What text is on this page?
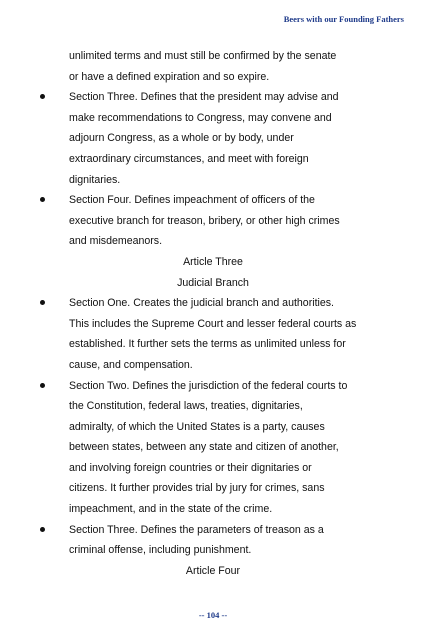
Beers with our Founding Fathers
unlimited terms and must still be confirmed by the senate
or have a defined expiration and so expire.
Section Three. Defines that the president may advise and
make recommendations to Congress, may convene and
adjourn Congress, as a whole or by body, under
extraordinary circumstances, and meet with foreign
dignitaries.
Section Four. Defines impeachment of officers of the
executive branch for treason, bribery, or other high crimes
and misdemeanors.
Article Three
Judicial Branch
Section One. Creates the judicial branch and authorities.
This includes the Supreme Court and lesser federal courts as
established. It further sets the terms as unlimited unless for
cause, and compensation.
Section Two. Defines the jurisdiction of the federal courts to
the Constitution, federal laws, treaties, dignitaries,
admiralty, of which the United States is a party, causes
between states, between any state and citizen of another,
and involving foreign countries or their dignitaries or
citizens. It further provides trial by jury for crimes, sans
impeachment, and in the state of the crime.
Section Three. Defines the parameters of treason as a
criminal offense, including punishment.
Article Four
-- 104 --
